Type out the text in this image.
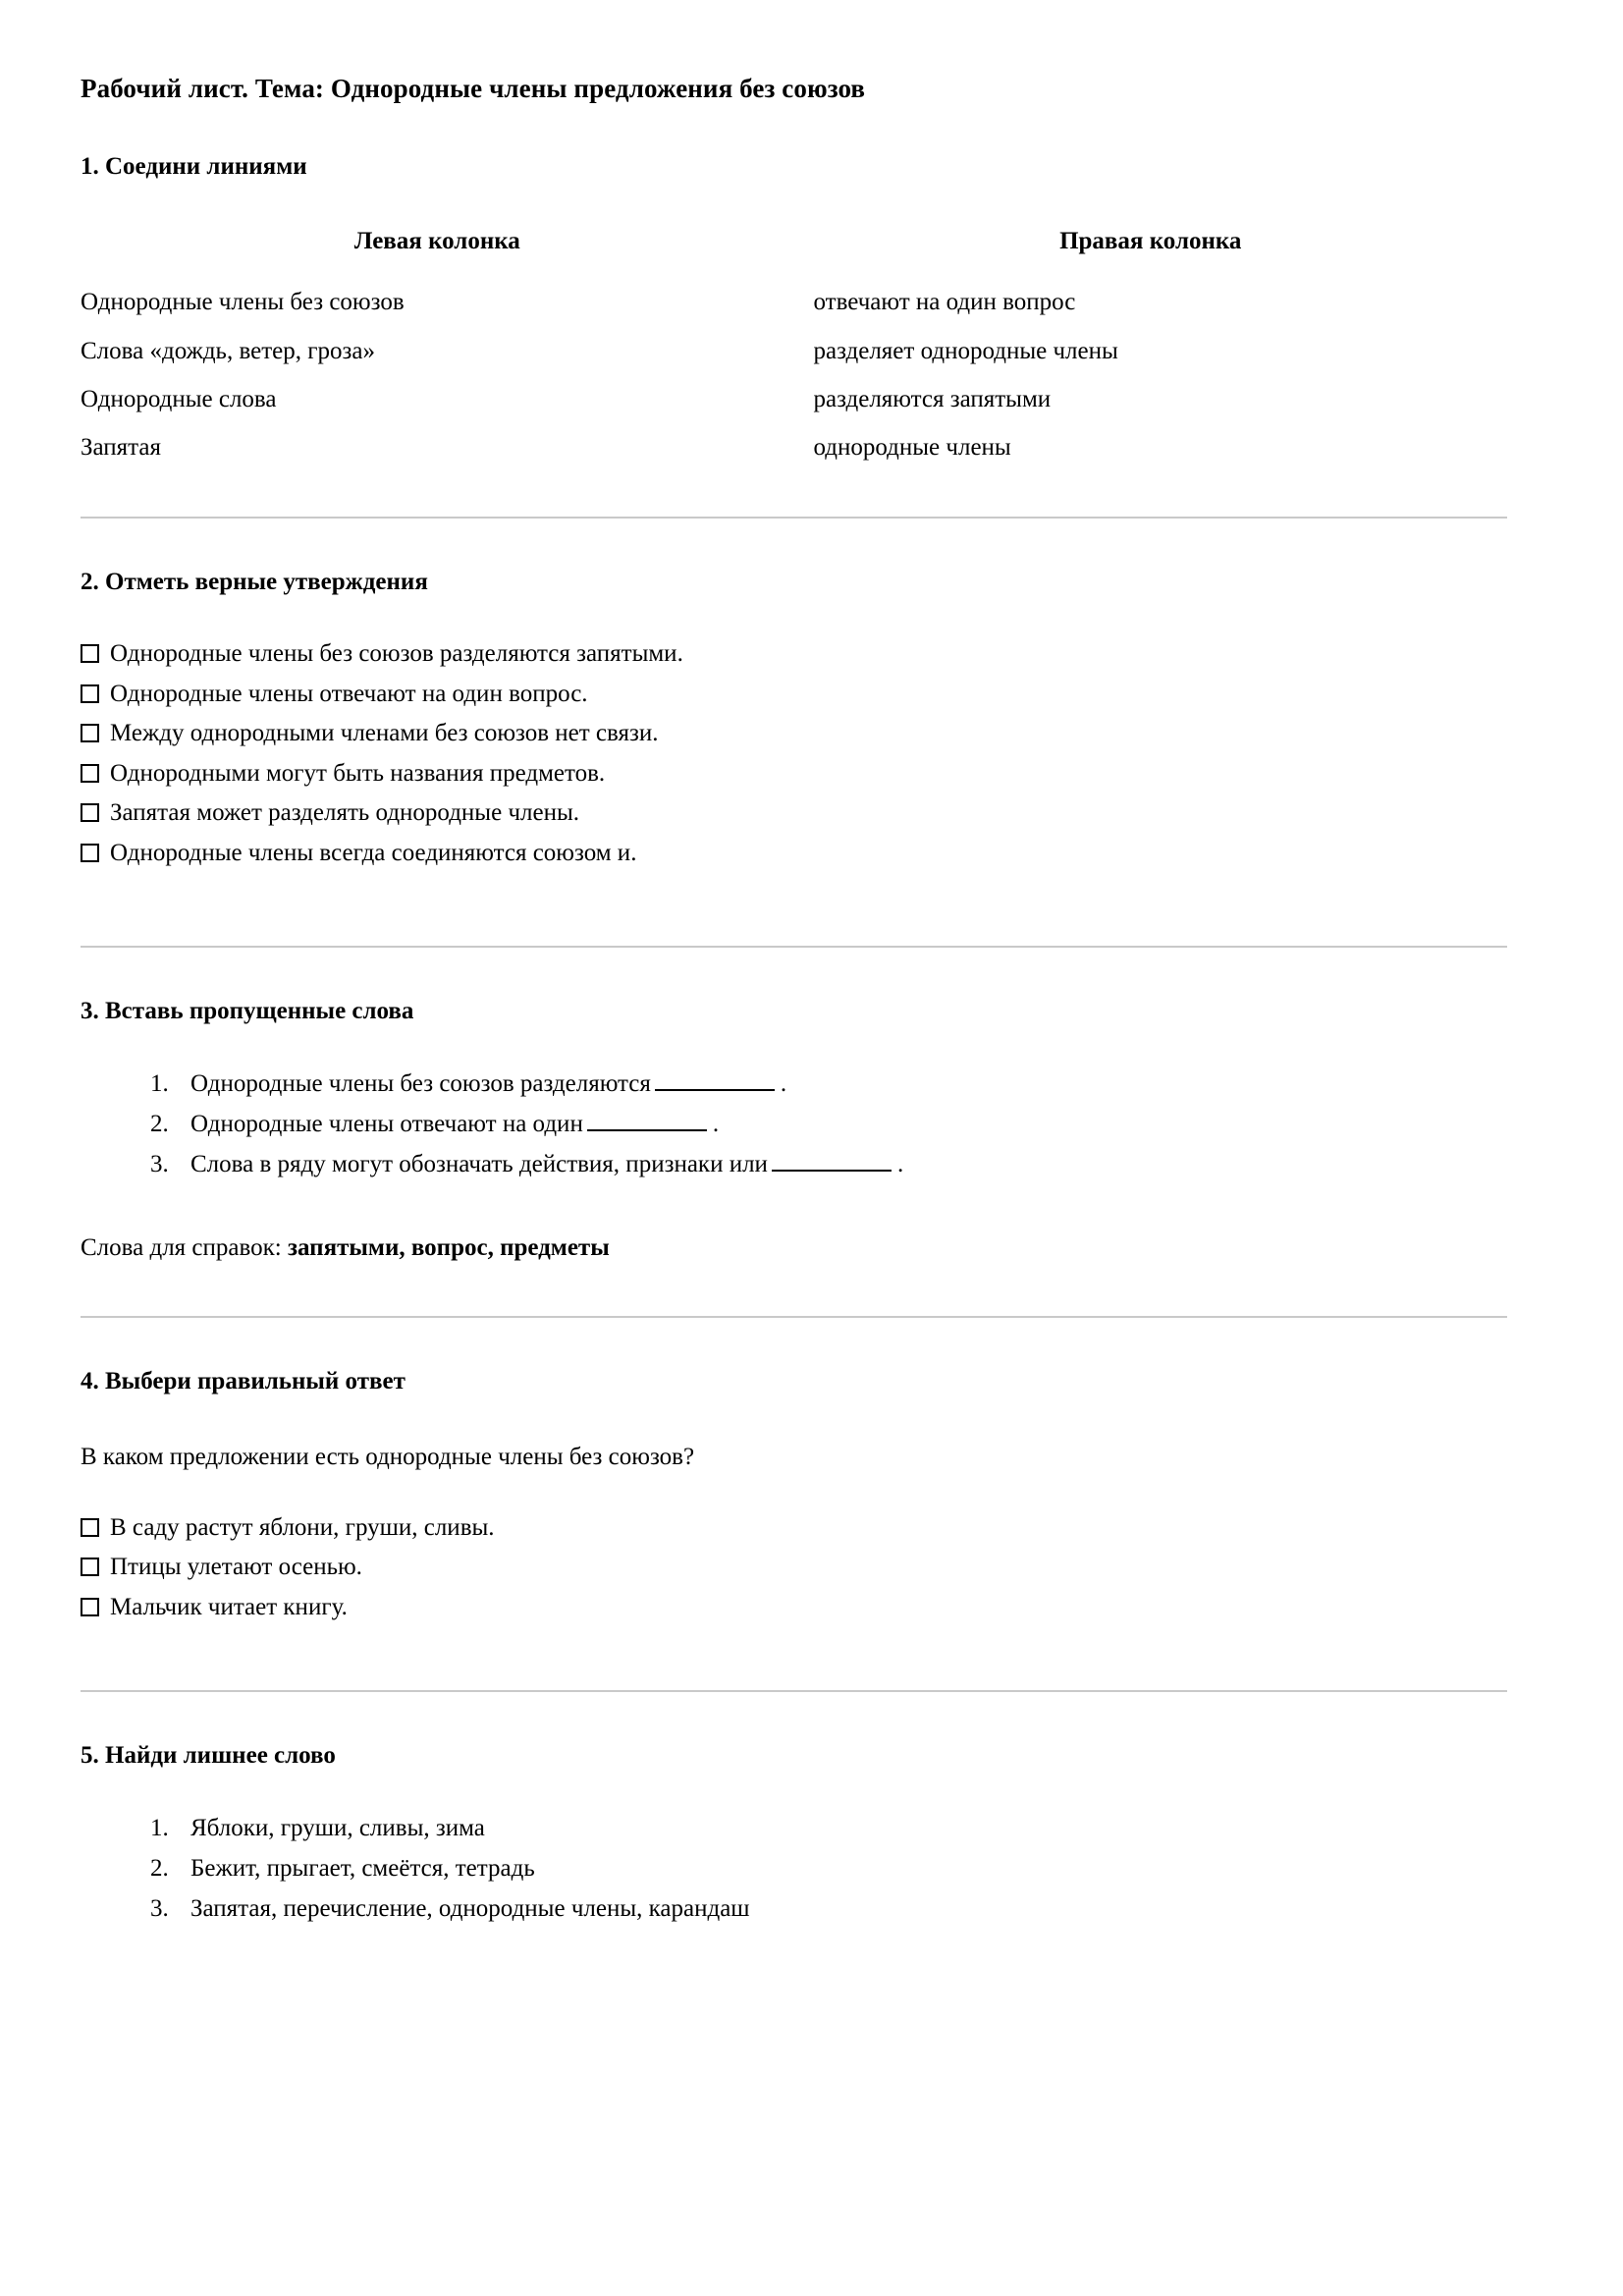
Рабочий лист. Тема: Однородные члены предложения без союзов
1. Соедини линиями
Левая колонка	Правая колонка
Однородные члены без союзов	отвечают на один вопрос
Слова «дождь, ветер, гроза»	разделяет однородные члены
Однородные слова	разделяются запятыми
Запятая	однородные члены
2. Отметь верные утверждения
Однородные члены без союзов разделяются запятыми.
Однородные члены отвечают на один вопрос.
Между однородными членами без союзов нет связи.
Однородными могут быть названия предметов.
Запятая может разделять однородные члены.
Однородные члены всегда соединяются союзом и.
3. Вставь пропущенные слова
1. Однородные члены без союзов разделяются	.
2. Однородные члены отвечают на один	.
3. Слова в ряду могут обозначать действия, признаки или	.

Слова для справок: запятыми, вопрос, предметы

4. Выбери правильный ответ

В каком предложении есть однородные члены без союзов?

В саду растут яблони, груши, сливы.
Птицы улетают осенью.
Мальчик читает книгу.
5. Найди лишнее слово
1. Яблоки, груши, сливы, зима
2. Бежит, прыгает, смеётся, тетрадь
3. Запятая, перечисление, однородные члены, карандаш
